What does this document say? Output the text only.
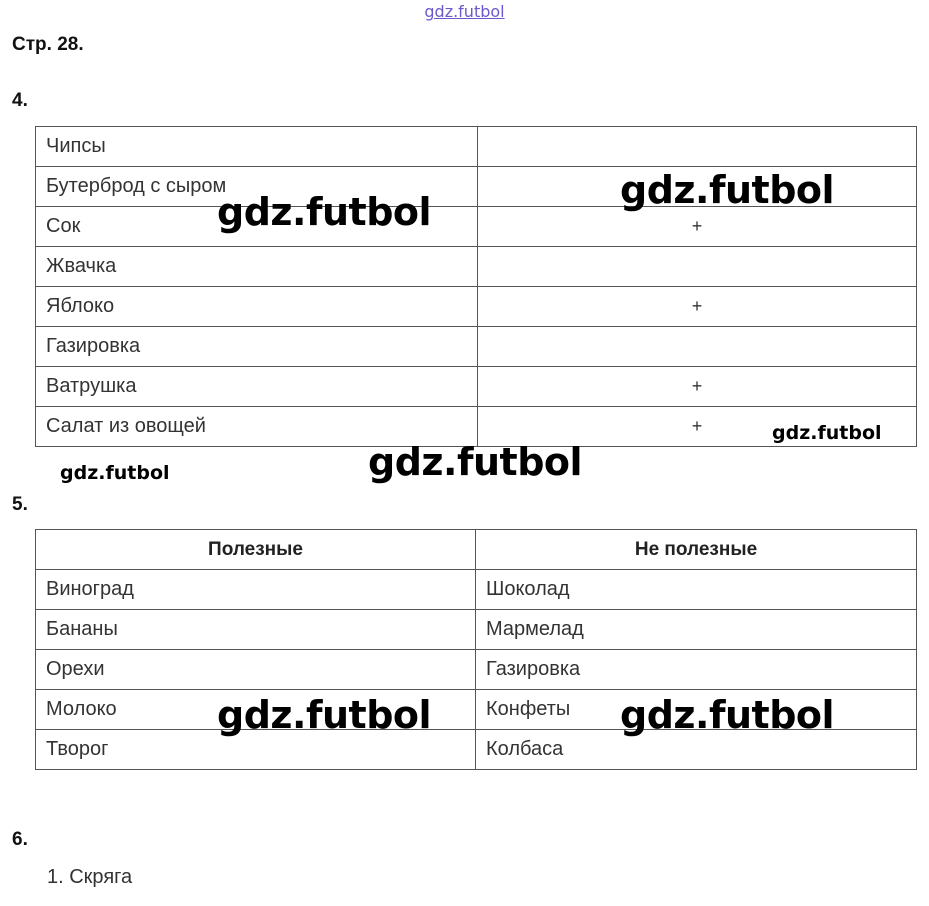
gdz.futbol
Стр. 28.
4.
Чипсы	
Бутерброд с сыром	
Сок	+
Жвачка	
Яблоко	+
Газировка	
Ватрушка	+
Салат из овощей	+
5.
Полезные	Не полезные
Виноград	Шоколад
Бананы	Мармелад
Орехи	Газировка
Молоко	Конфеты
Творог	Колбаса
6.
1. Скряга
gdz.futbol	gdz.futbol
gdz.futbol
gdz.futbol	gdz.futbol
gdz.futbol
gdz.futbol
